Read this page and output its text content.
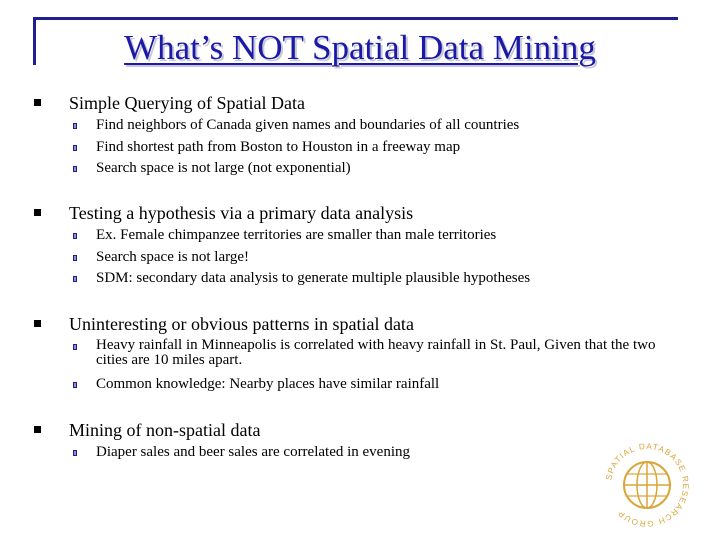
What’s NOT Spatial Data Mining
Simple Querying of Spatial Data
Find neighbors of Canada given names and boundaries of all countries
Find shortest path from Boston to Houston in a freeway map
Search space is not large (not exponential)
Testing a hypothesis via a primary data analysis
Ex. Female chimpanzee territories are smaller than male territories
Search space is not large!
SDM: secondary data analysis to generate multiple plausible hypotheses
Uninteresting or obvious patterns in spatial data
Heavy rainfall in Minneapolis is correlated with heavy rainfall in St. Paul, Given that the two cities are 10 miles apart.
Common knowledge: Nearby places have similar rainfall
Mining of non-spatial data
Diaper sales and beer sales are correlated in evening
SPATIAL DATABASE RESEARCH GROUP
